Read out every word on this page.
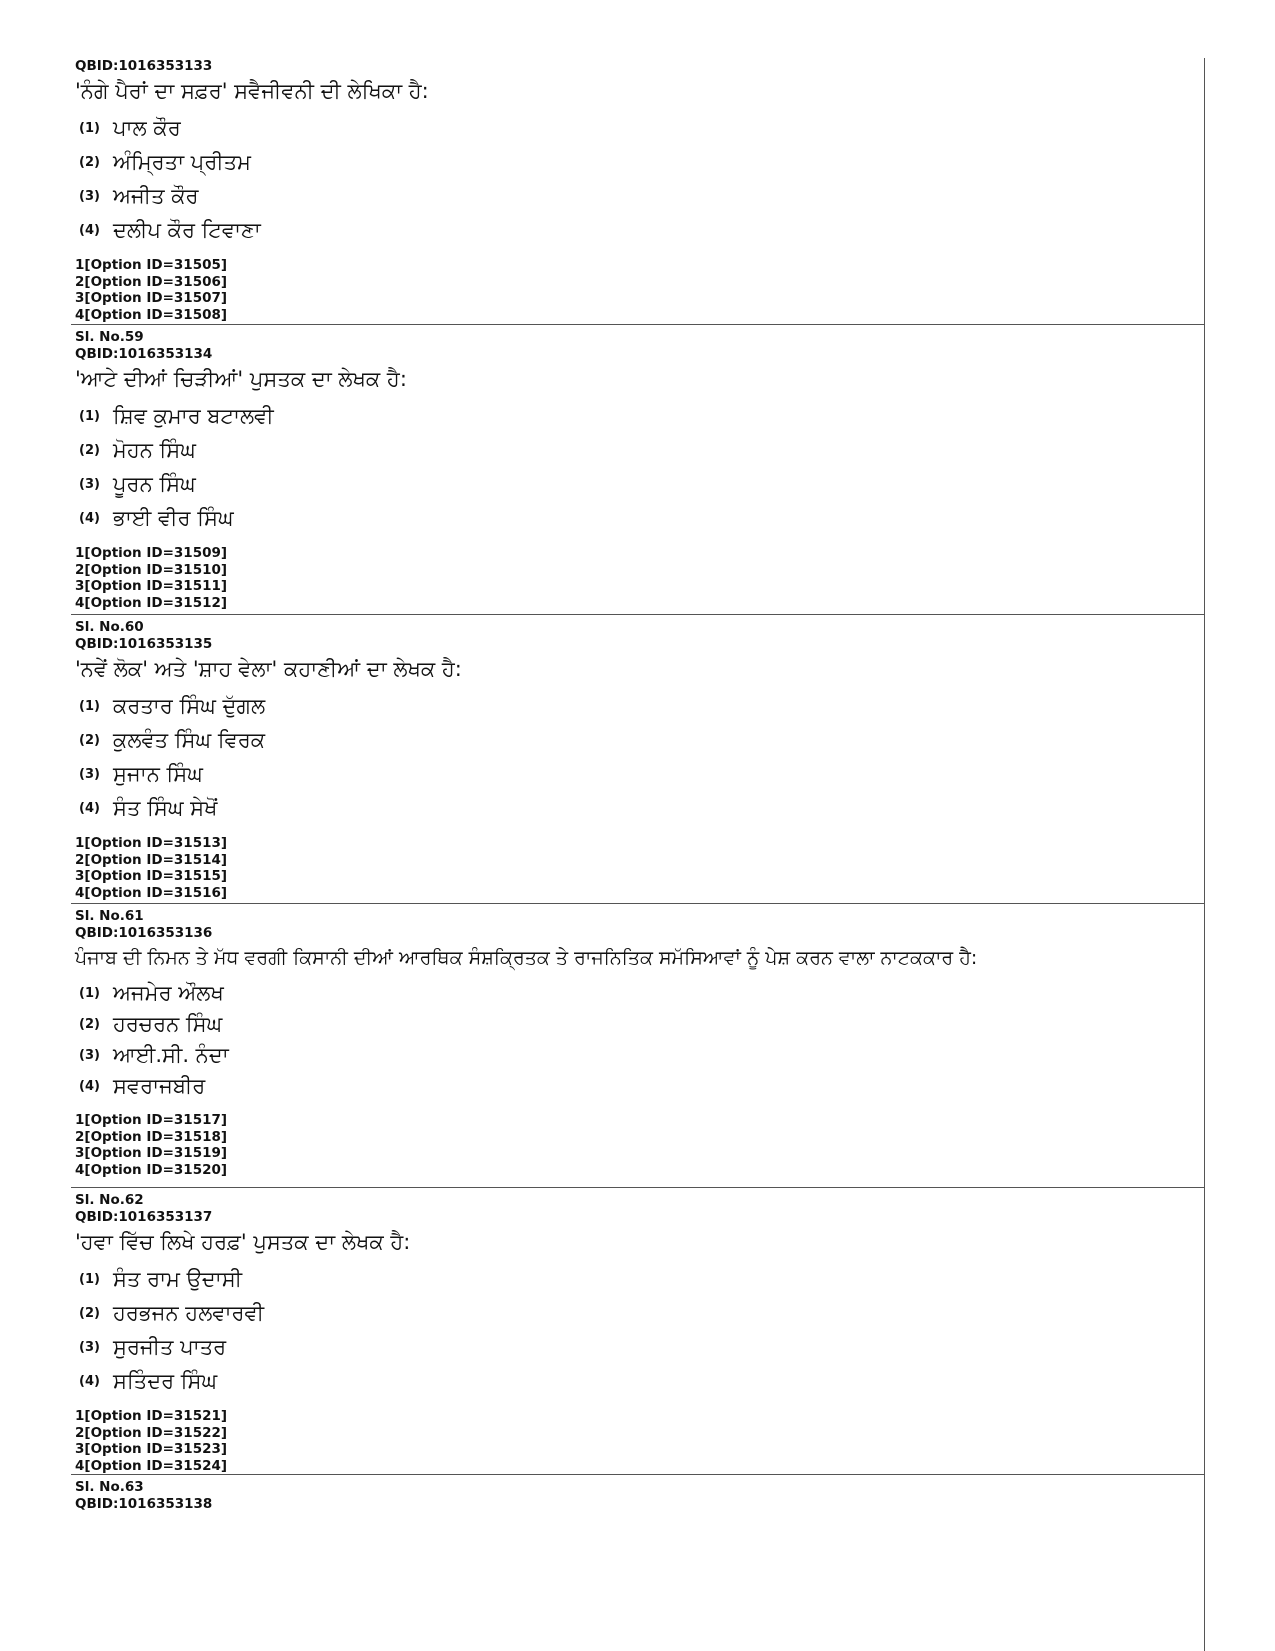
QBID:1016353133

'ਨੰਗੇ ਪੈਰਾਂ ਦਾ ਸਫ਼ਰ' ਸਵੈਜੀਵਨੀ ਦੀ ਲੇਖਿਕਾ ਹੈ:

(1) ਪਾਲ ਕੌਰ
(2) ਅੰਮ੍ਰਿਤਾ ਪ੍ਰੀਤਮ
(3) ਅਜੀਤ ਕੌਰ
(4) ਦਲੀਪ ਕੌਰ ਟਿਵਾਣਾ

1[Option ID=31505]

2[Option ID=31506]

3[Option ID=31507]

4[Option ID=31508]

Sl. No.59

QBID:1016353134

'ਆਟੇ ਦੀਆਂ ਚਿੜੀਆਂ' ਪੁਸਤਕ ਦਾ ਲੇਖਕ ਹੈ:

(1) ਸ਼ਿਵ ਕੁਮਾਰ ਬਟਾਲਵੀ
(2) ਮੋਹਨ ਸਿੰਘ
(3) ਪੂਰਨ ਸਿੰਘ
(4) ਭਾਈ ਵੀਰ ਸਿੰਘ

1[Option ID=31509]

2[Option ID=31510]

3[Option ID=31511]

4[Option ID=31512]

Sl. No.60

QBID:1016353135

'ਨਵੇਂ ਲੋਕ' ਅਤੇ 'ਸ਼ਾਹ ਵੇਲਾ' ਕਹਾਣੀਆਂ ਦਾ ਲੇਖਕ ਹੈ:

(1) ਕਰਤਾਰ ਸਿੰਘ ਦੁੱਗਲ
(2) ਕੁਲਵੰਤ ਸਿੰਘ ਵਿਰਕ
(3) ਸੁਜਾਨ ਸਿੰਘ
(4) ਸੰਤ ਸਿੰਘ ਸੇਖੋਂ

1[Option ID=31513]

2[Option ID=31514]

3[Option ID=31515]

4[Option ID=31516]

Sl. No.61

QBID:1016353136

ਪੰਜਾਬ ਦੀ ਨਿਮਨ ਤੇ ਮੱਧ ਵਰਗੀ ਕਿਸਾਨੀ ਦੀਆਂ ਆਰਥਿਕ ਸੰਸ਼ਕ੍ਰਿਤਕ ਤੇ ਰਾਜਨਿਤਿਕ ਸਮੱਸਿਆਵਾਂ ਨੂੰ ਪੇਸ਼ ਕਰਨ ਵਾਲਾ ਨਾਟਕਕਾਰ ਹੈ:

(1) ਅਜਮੇਰ ਔਲਖ
(2) ਹਰਚਰਨ ਸਿੰਘ
(3) ਆਈ.ਸੀ. ਨੰਦਾ
(4) ਸਵਰਾਜਬੀਰ

1[Option ID=31517]

2[Option ID=31518]

3[Option ID=31519]

4[Option ID=31520]

Sl. No.62

QBID:1016353137

'ਹਵਾ ਵਿੱਚ ਲਿਖੇ ਹਰਫ਼' ਪੁਸਤਕ ਦਾ ਲੇਖਕ ਹੈ:

(1) ਸੰਤ ਰਾਮ ਉਦਾਸੀ
(2) ਹਰਭਜਨ ਹਲਵਾਰਵੀ
(3) ਸੁਰਜੀਤ ਪਾਤਰ
(4) ਸਤਿੰਦਰ ਸਿੰਘ

1[Option ID=31521]

2[Option ID=31522]

3[Option ID=31523]

4[Option ID=31524]

Sl. No.63

QBID:1016353138
